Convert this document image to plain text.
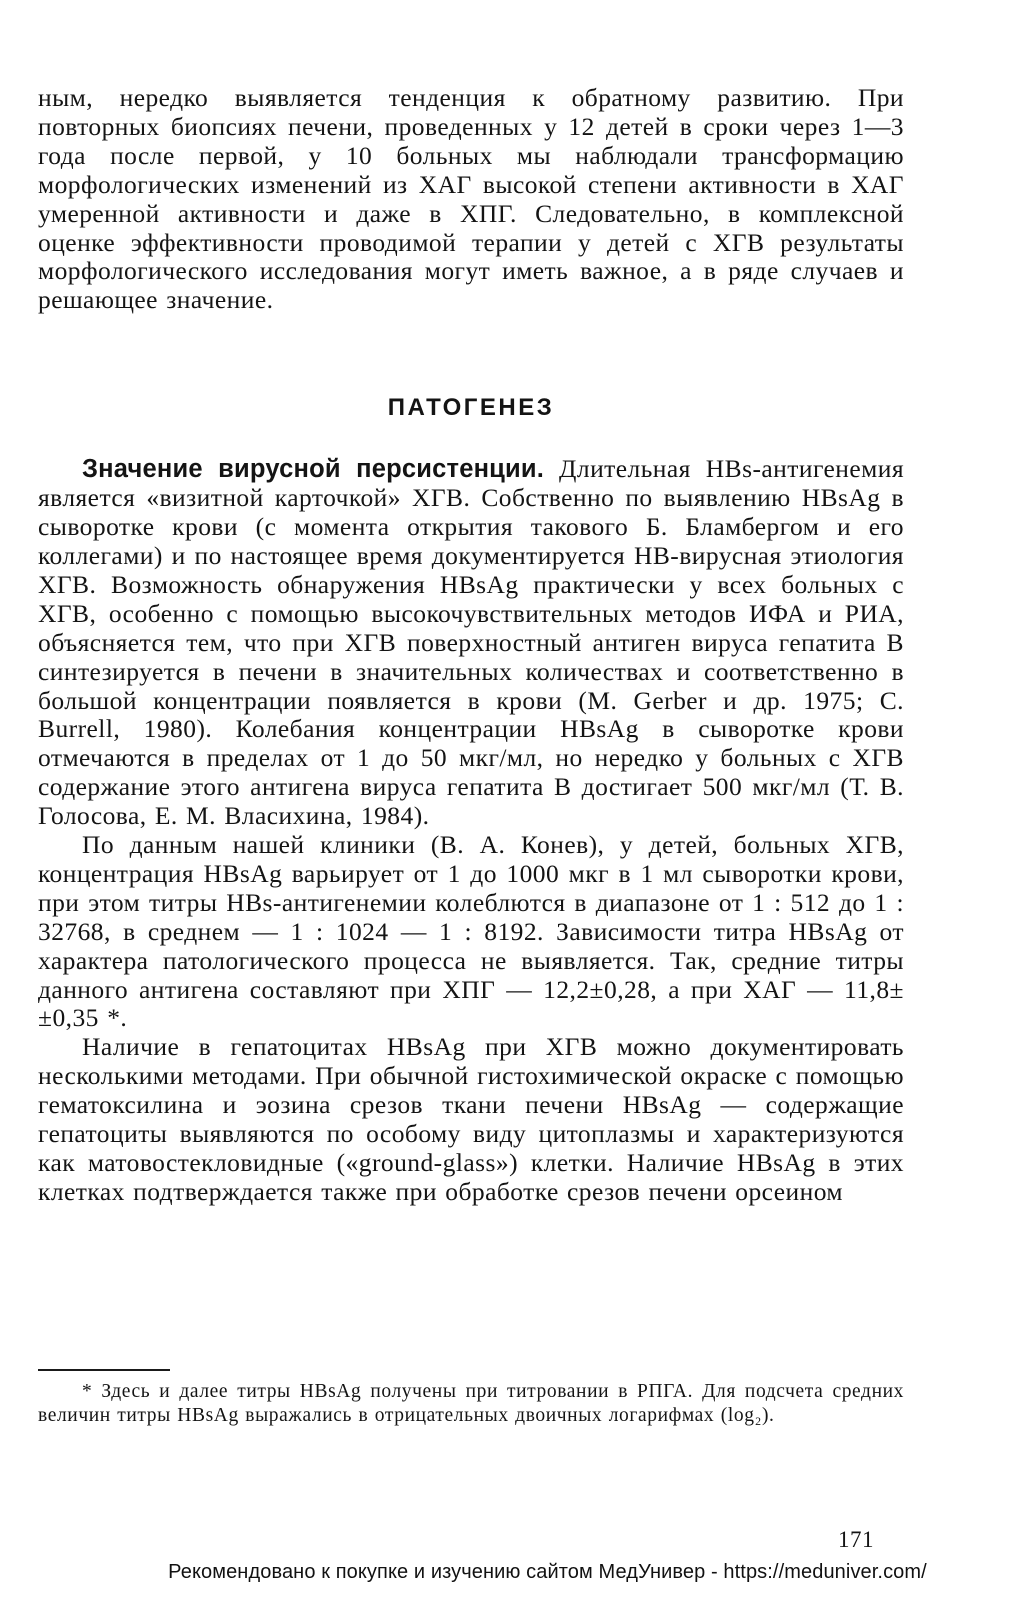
ным, нередко выявляется тенденция к обратному развитию. При повторных биопсиях печени, проведенных у 12 детей в сроки через 1—3 года после первой, у 10 больных мы наблюдали трансформацию морфологических изменений из ХАГ высокой степени активности в ХАГ умеренной активности и даже в ХПГ. Следовательно, в комплексной оценке эффективности проводимой терапии у детей с ХГВ результаты морфологического исследования могут иметь важное, а в ряде случаев и решающее значение.

ПАТОГЕНЕЗ

Значение вирусной персистенции. Длительная HBs-антигенемия является «визитной карточкой» ХГВ. Собственно по выявлению HBsAg в сыворотке крови (с момента открытия такового Б. Бламбергом и его коллегами) и по настоящее время документируется HB-вирусная этиология ХГВ. Возможность обнаружения HBsAg практически у всех больных с ХГВ, особенно с помощью высокочувствительных методов ИФА и РИА, объясняется тем, что при ХГВ поверхностный антиген вируса гепатита В синтезируется в печени в значительных количествах и соответственно в большой концентрации появляется в крови (М. Gerber и др. 1975; С. Burrell, 1980). Колебания концентрации HBsAg в сыворотке крови отмечаются в пределах от 1 до 50 мкг/мл, но нередко у больных с ХГВ содержание этого антигена вируса гепатита В достигает 500 мкг/мл (Т. В. Голосова, Е. М. Власихина, 1984).

По данным нашей клиники (В. А. Конев), у детей, больных ХГВ, концентрация HBsAg варьирует от 1 до 1000 мкг в 1 мл сыворотки крови, при этом титры HBs-антигенемии колеблются в диапазоне от 1 : 512 до 1 : 32768, в среднем — 1 : 1024 — 1 : 8192. Зависимости титра HBsAg от характера патологического процесса не выявляется. Так, средние титры данного антигена составляют при ХПГ — 12,2±0,28, а при ХАГ — 11,8±±0,35 *.

Наличие в гепатоцитах HBsAg при ХГВ можно документировать несколькими методами. При обычной гистохимической окраске с помощью гематоксилина и эозина срезов ткани печени HBsAg — содержащие гепатоциты выявляются по особому виду цитоплазмы и характеризуются как матовостекловидные («ground-glass») клетки. Наличие HBsAg в этих клетках подтверждается также при обработке срезов печени орсеином

* Здесь и далее титры HBsAg получены при титровании в РПГА. Для подсчета средних величин титры HBsAg выражались в отрицательных двоичных логарифмах (log₂).

171
Рекомендовано к покупке и изучению сайтом МедУнивер - https://meduniver.com/
